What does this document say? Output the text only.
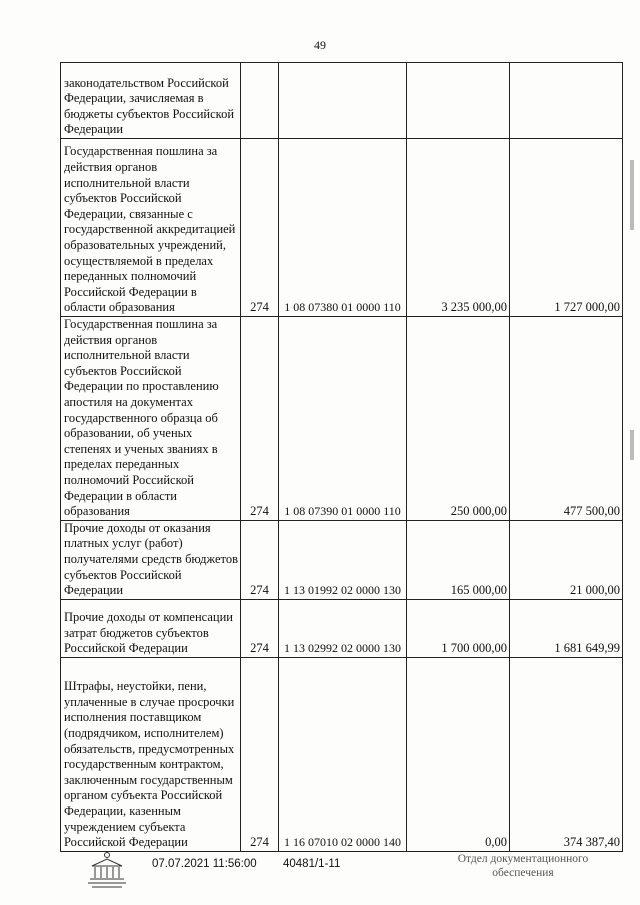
49
законодательством Российской Федерации, зачисляемая в бюджеты субъектов Российской Федерации				
Государственная пошлина за действия органов исполнительной власти субъектов Российской Федерации, связанные с государственной аккредитацией образовательных учреждений, осуществляемой в пределах переданных полномочий Российской Федерации в области образования	274	1 08 07380 01 0000 110	3 235 000,00	1 727 000,00
Государственная пошлина за действия органов исполнительной власти субъектов Российской Федерации по проставлению апостиля на документах государственного образца об образовании, об ученых степенях и ученых званиях в пределах переданных полномочий Российской Федерации в области образования	274	1 08 07390 01 0000 110	250 000,00	477 500,00
Прочие доходы от оказания платных услуг (работ) получателями средств бюджетов субъектов Российской Федерации	274	1 13 01992 02 0000 130	165 000,00	21 000,00
Прочие доходы от компенсации затрат бюджетов субъектов Российской Федерации	274	1 13 02992 02 0000 130	1 700 000,00	1 681 649,99
Штрафы, неустойки, пени, уплаченные в случае просрочки исполнения поставщиком (подрядчиком, исполнителем) обязательств, предусмотренных государственным контрактом, заключенным государственным органом субъекта Российской Федерации, казенным учреждением субъекта Российской Федерации	274	1 16 07010 02 0000 140	0,00	374 387,40
07.07.2021 11:56:00 40481/1-11	Отдел документационного
обеспечения
